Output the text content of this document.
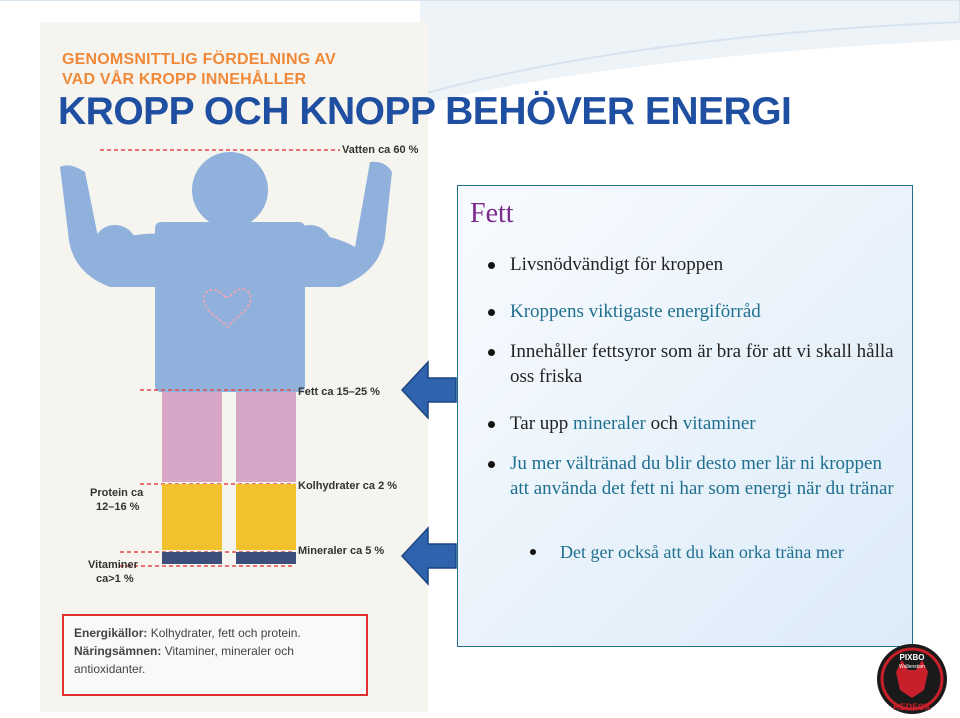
GENOMSNITTLIG FÖRDELNING AV
VAD VÅR KROPP INNEHÅLLER
Vatten ca 60 %
Fett ca 15–25 %
Kolhydrater ca 2 %
Protein ca
12–16 %
Mineraler ca 5 %
Vitaminer
ca>1 %
Energikällor: Kolhydrater, fett och protein.
Näringsämnen: Vitaminer, mineraler och
antioxidanter.
KROPP OCH KNOPP BEHÖVER ENERGI
Fett
Livsnödvändigt för kroppen
Kroppens viktigaste energiförråd
Innehåller fettsyror som är bra för att vi skall hålla oss friska
Tar upp mineraler och vitaminer
Ju mer vältränad du blir desto mer lär ni kroppen att använda det fett ni har som energi när du tränar
Det ger också att du kan orka träna mer
PIXBO
Wallenstam
REDFOX
